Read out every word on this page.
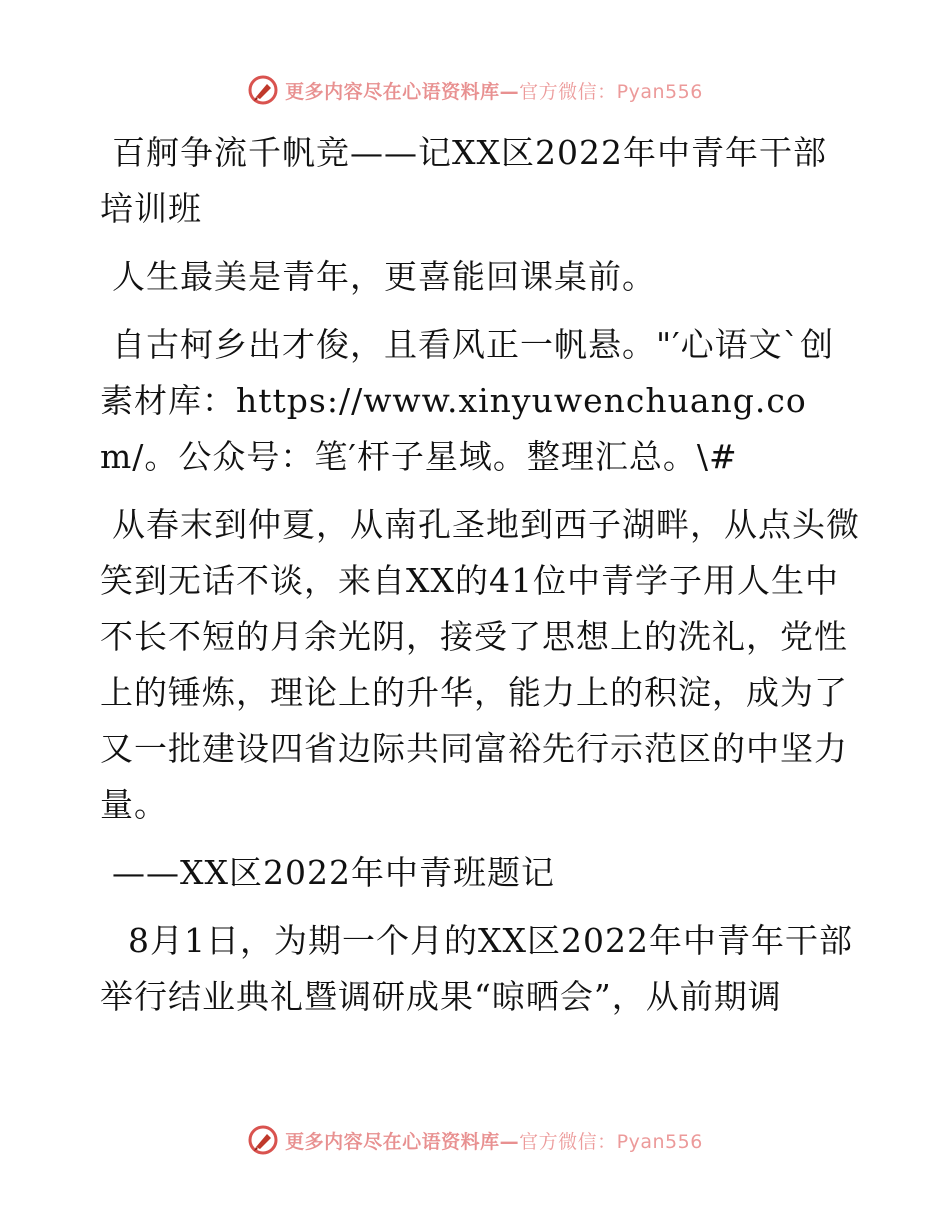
更多内容尽在心语资料库—官方微信：Pyan556

百舸争流千帆竞——记XX区2022年中青年干部培训班

人生最美是青年，更喜能回课桌前。

自古柯乡出才俊，且看风正一帆悬。"′心语文`创素材库：https://www.xinyuwenchuang.com/。公众号：笔′杆子星域。整理汇总。\#

从春末到仲夏，从南孔圣地到西子湖畔，从点头微笑到无话不谈，来自XX的41位中青学子用人生中不长不短的月余光阴，接受了思想上的洗礼，党性上的锤炼，理论上的升华，能力上的积淀，成为了又一批建设四省边际共同富裕先行示范区的中坚力量。

——XX区2022年中青班题记

8月1日，为期一个月的XX区2022年中青年干部举行结业典礼暨调研成果“晾晒会”，从前期调

更多内容尽在心语资料库—官方微信：Pyan556
